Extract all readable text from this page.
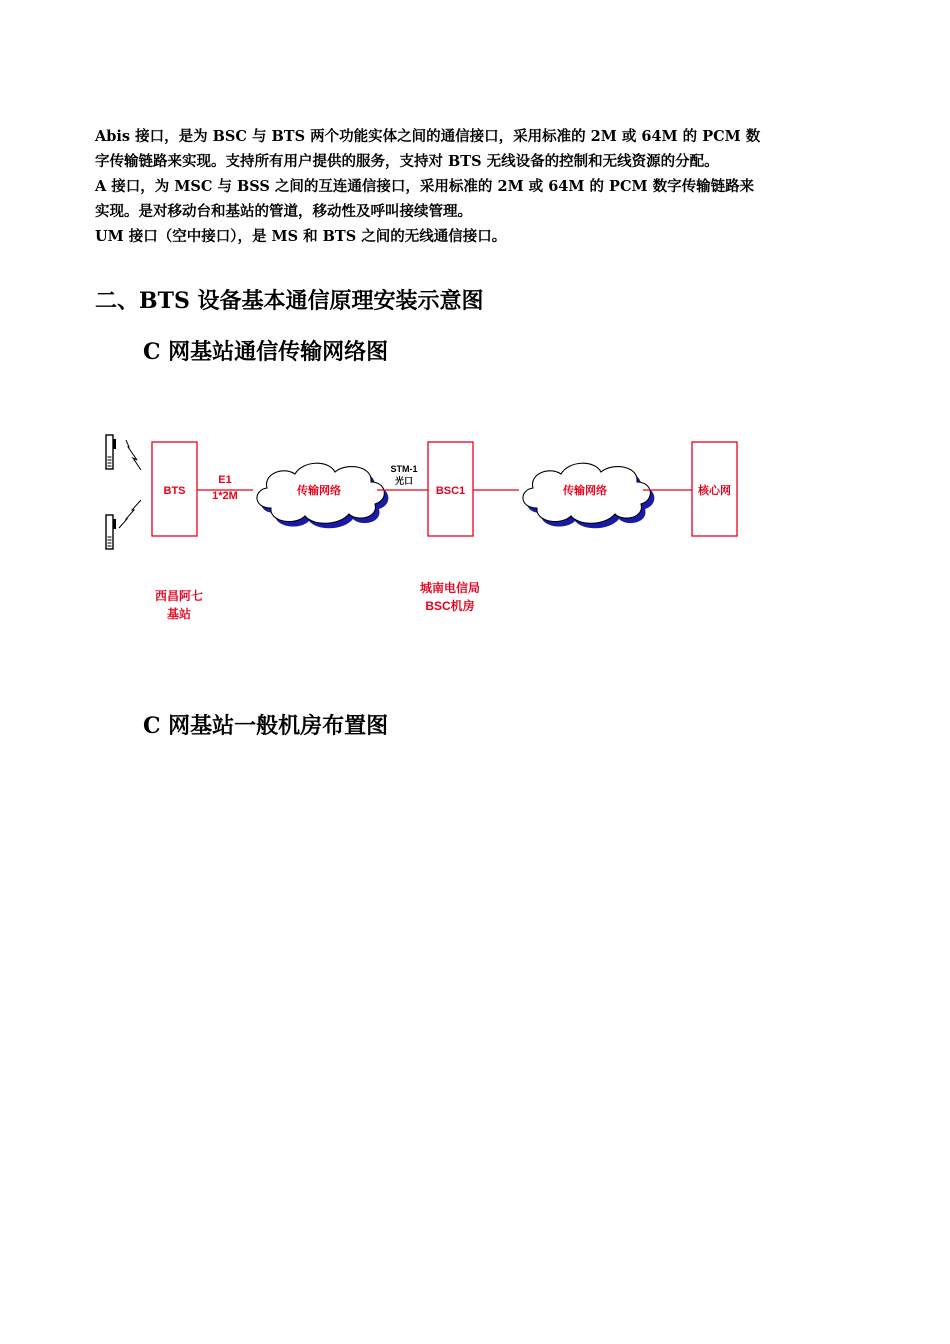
Abis 接口，是为 BSC 与 BTS 两个功能实体之间的通信接口，采用标准的 2M 或 64M 的 PCM 数

字传输链路来实现。支持所有用户提供的服务，支持对 BTS 无线设备的控制和无线资源的分配。

A 接口，为 MSC 与 BSS 之间的互连通信接口，采用标准的 2M 或 64M 的 PCM 数字传输链路来

实现。是对移动台和基站的管道，移动性及呼叫接续管理。

UM 接口（空中接口），是 MS 和 BTS 之间的无线通信接口。

二、BTS 设备基本通信原理安装示意图
C 网基站通信传输网络图
BTS
E1
1*2M	传输网络
STM-1
光口
BSC1	传输网络	核心网
西昌阿七
基站
城南电信局
BSC机房
C 网基站一般机房布置图
